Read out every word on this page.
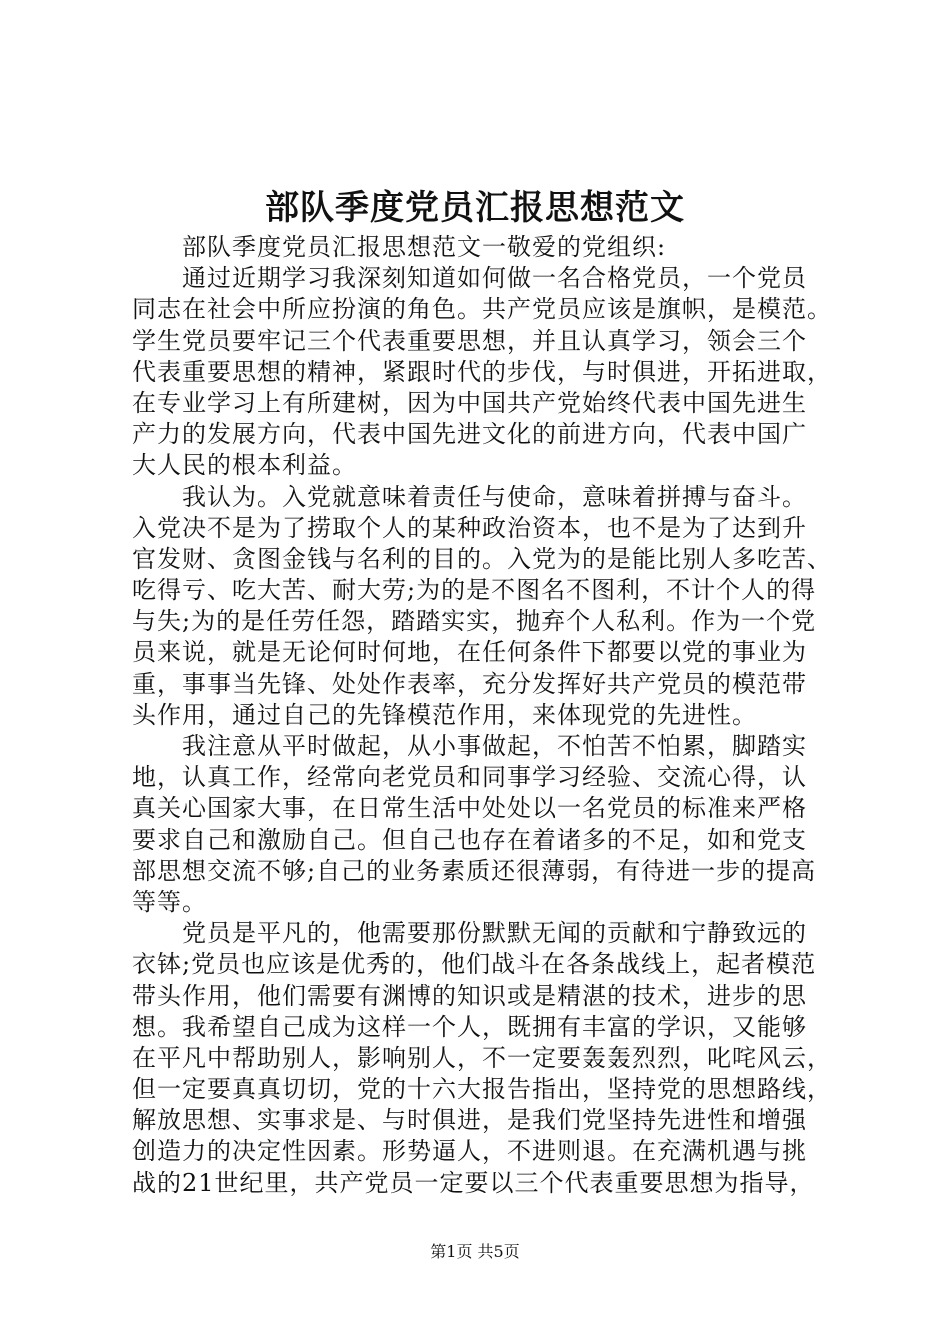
部队季度党员汇报思想范文
部队季度党员汇报思想范文一敬爱的党组织:
通过近期学习我深刻知道如何做一名合格党员，一个党员
同志在社会中所应扮演的角色。共产党员应该是旗帜，是模范。
学生党员要牢记三个代表重要思想，并且认真学习，领会三个
代表重要思想的精神，紧跟时代的步伐，与时俱进，开拓进取，
在专业学习上有所建树，因为中国共产党始终代表中国先进生
产力的发展方向，代表中国先进文化的前进方向，代表中国广
大人民的根本利益。
我认为。入党就意味着责任与使命，意味着拼搏与奋斗。
入党决不是为了捞取个人的某种政治资本，也不是为了达到升
官发财、贪图金钱与名利的目的。入党为的是能比别人多吃苦、
吃得亏、吃大苦、耐大劳;为的是不图名不图利，不计个人的得
与失;为的是任劳任怨，踏踏实实，抛弃个人私利。作为一个党
员来说，就是无论何时何地，在任何条件下都要以党的事业为
重，事事当先锋、处处作表率，充分发挥好共产党员的模范带
头作用，通过自己的先锋模范作用，来体现党的先进性。
我注意从平时做起，从小事做起，不怕苦不怕累，脚踏实
地，认真工作，经常向老党员和同事学习经验、交流心得，认
真关心国家大事，在日常生活中处处以一名党员的标准来严格
要求自己和激励自己。但自己也存在着诸多的不足，如和党支
部思想交流不够;自己的业务素质还很薄弱，有待进一步的提高
等等。
党员是平凡的，他需要那份默默无闻的贡献和宁静致远的
衣钵;党员也应该是优秀的，他们战斗在各条战线上，起者模范
带头作用，他们需要有渊博的知识或是精湛的技术，进步的思
想。我希望自己成为这样一个人，既拥有丰富的学识，又能够
在平凡中帮助别人，影响别人，不一定要轰轰烈烈，叱咤风云，
但一定要真真切切，党的十六大报告指出，坚持党的思想路线，
解放思想、实事求是、与时俱进，是我们党坚持先进性和增强
创造力的决定性因素。形势逼人，不进则退。在充满机遇与挑
战的21世纪里，共产党员一定要以三个代表重要思想为指导，
第1页 共5页
